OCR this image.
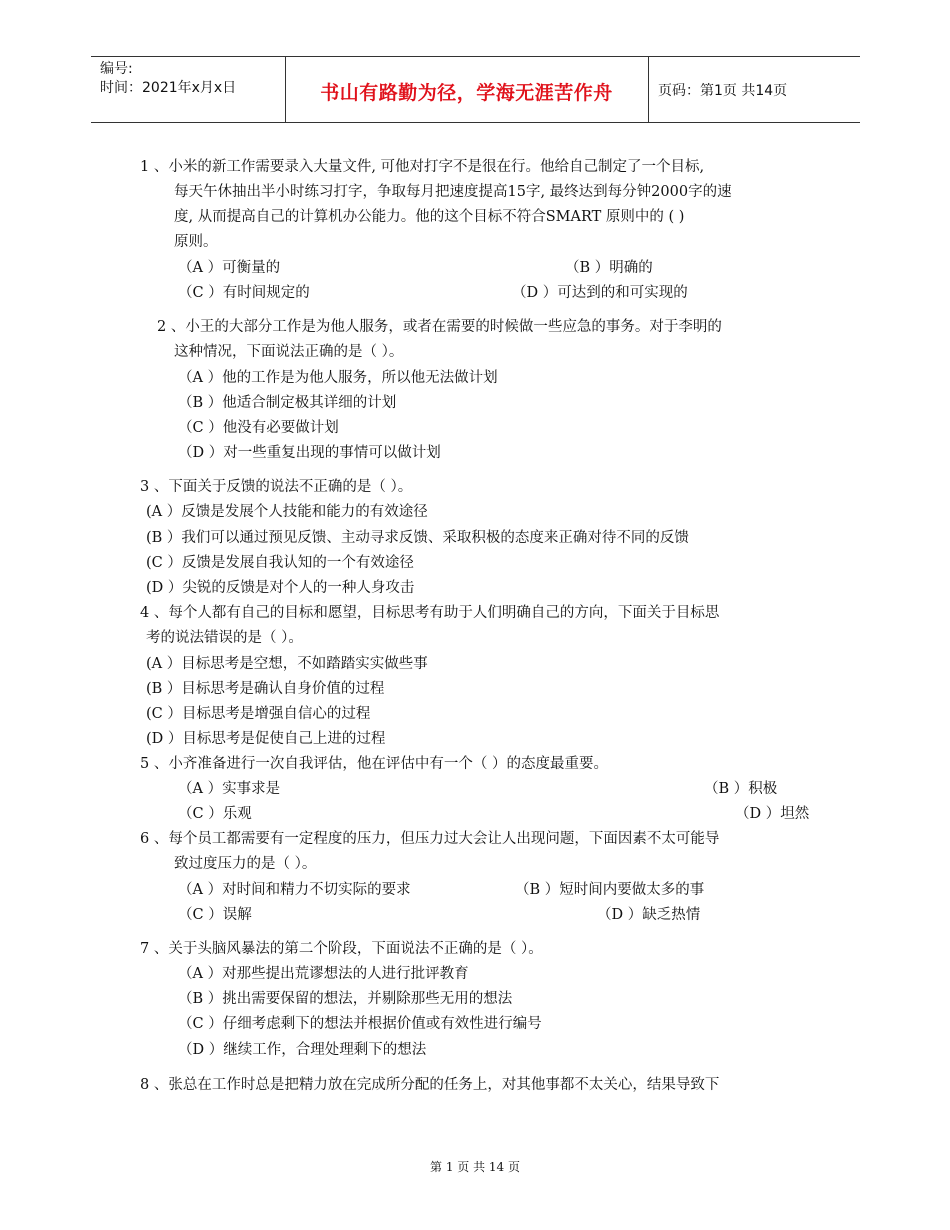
编号:
时间：2021年x月x日	书山有路勤为径，学海无涯苦作舟	页码：第1页 共14页
1 、小米的新工作需要录入大量文件, 可他对打字不是很在行。他给自己制定了一个目标,
每天午休抽出半小时练习打字，争取每月把速度提高15字, 最终达到每分钟2000字的速
度, 从而提高自己的计算机办公能力。他的这个目标不符合SMART 原则中的 ( )
原则。
（A ）可衡量的	（B ）明确的
（C ）有时间规定的	（D ）可达到的和可实现的
2 、小王的大部分工作是为他人服务，或者在需要的时候做一些应急的事务。对于李明的
这种情况，下面说法正确的是（ ）。
（A ）他的工作是为他人服务，所以他无法做计划
（B ）他适合制定极其详细的计划
（C ）他没有必要做计划
（D ）对一些重复出现的事情可以做计划
3 、下面关于反馈的说法不正确的是（ ）。
(A ）反馈是发展个人技能和能力的有效途径
(B ）我们可以通过预见反馈、主动寻求反馈、采取积极的态度来正确对待不同的反馈
(C ）反馈是发展自我认知的一个有效途径
(D ）尖锐的反馈是对个人的一种人身攻击
4 、每个人都有自己的目标和愿望，目标思考有助于人们明确自己的方向，下面关于目标思
考的说法错误的是（ ）。
(A ）目标思考是空想，不如踏踏实实做些事
(B ）目标思考是确认自身价值的过程
(C ）目标思考是增强自信心的过程
(D ）目标思考是促使自己上进的过程
5 、小齐准备进行一次自我评估，他在评估中有一个（ ）的态度最重要。
（A ）实事求是	（B ）积极
（C ）乐观	（D ）坦然
6 、每个员工都需要有一定程度的压力，但压力过大会让人出现问题，下面因素不太可能导
致过度压力的是（ ）。
（A ）对时间和精力不切实际的要求	（B ）短时间内要做太多的事
（C ）误解	（D ）缺乏热情
7 、关于头脑风暴法的第二个阶段，下面说法不正确的是（ ）。
（A ）对那些提出荒谬想法的人进行批评教育
（B ）挑出需要保留的想法，并剔除那些无用的想法
（C ）仔细考虑剩下的想法并根据价值或有效性进行编号
（D ）继续工作，合理处理剩下的想法
8 、张总在工作时总是把精力放在完成所分配的任务上，对其他事都不太关心，结果导致下
第 1 页 共 14 页
